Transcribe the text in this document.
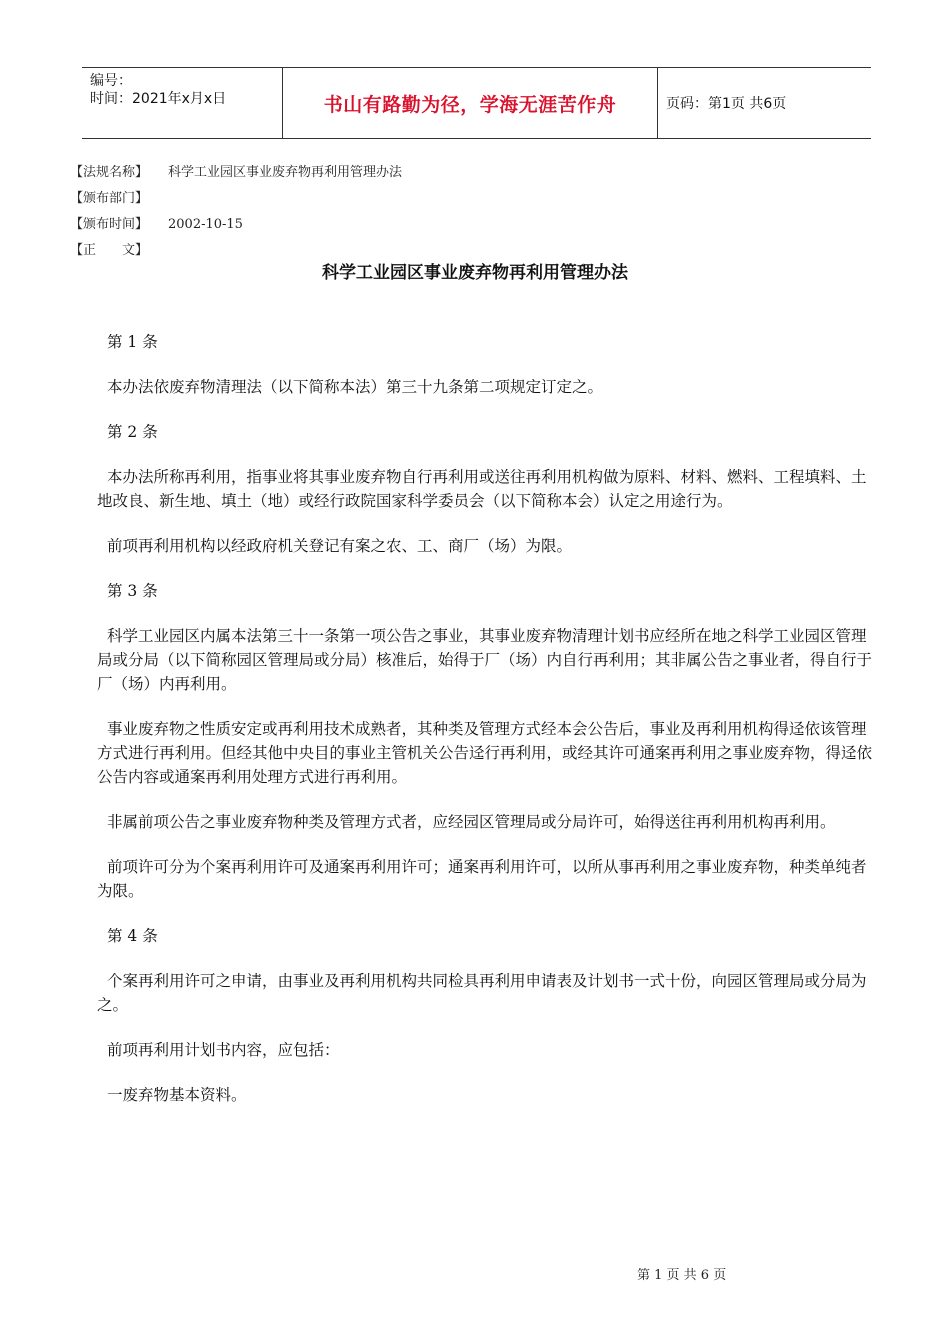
编号：
时间：2021年x月x日	书山有路勤为径，学海无涯苦作舟	页码：第1页 共6页
【法规名称】	科学工业园区事业废弃物再利用管理办法
【颁布部门】
【颁布时间】	2002-10-15
【正　　文】
科学工业园区事业废弃物再利用管理办法

第 1 条

本办法依废弃物清理法（以下简称本法）第三十九条第二项规定订定之。

第 2 条

本办法所称再利用，指事业将其事业废弃物自行再利用或送往再利用机构做为原料、材料、燃料、工程填料、土地改良、新生地、填土（地）或经行政院国家科学委员会（以下简称本会）认定之用途行为。

前项再利用机构以经政府机关登记有案之农、工、商厂（场）为限。

第 3 条

科学工业园区内属本法第三十一条第一项公告之事业，其事业废弃物清理计划书应经所在地之科学工业园区管理局或分局（以下简称园区管理局或分局）核准后，始得于厂（场）内自行再利用；其非属公告之事业者，得自行于厂（场）内再利用。

事业废弃物之性质安定或再利用技术成熟者，其种类及管理方式经本会公告后，事业及再利用机构得迳依该管理方式进行再利用。但经其他中央目的事业主管机关公告迳行再利用，或经其许可通案再利用之事业废弃物，得迳依公告内容或通案再利用处理方式进行再利用。

非属前项公告之事业废弃物种类及管理方式者，应经园区管理局或分局许可，始得送往再利用机构再利用。

前项许可分为个案再利用许可及通案再利用许可；通案再利用许可，以所从事再利用之事业废弃物，种类单纯者为限。

第 4 条

个案再利用许可之申请，由事业及再利用机构共同检具再利用申请表及计划书一式十份，向园区管理局或分局为之。

前项再利用计划书内容，应包括：

一废弃物基本资料。

第 1 页 共 6 页
